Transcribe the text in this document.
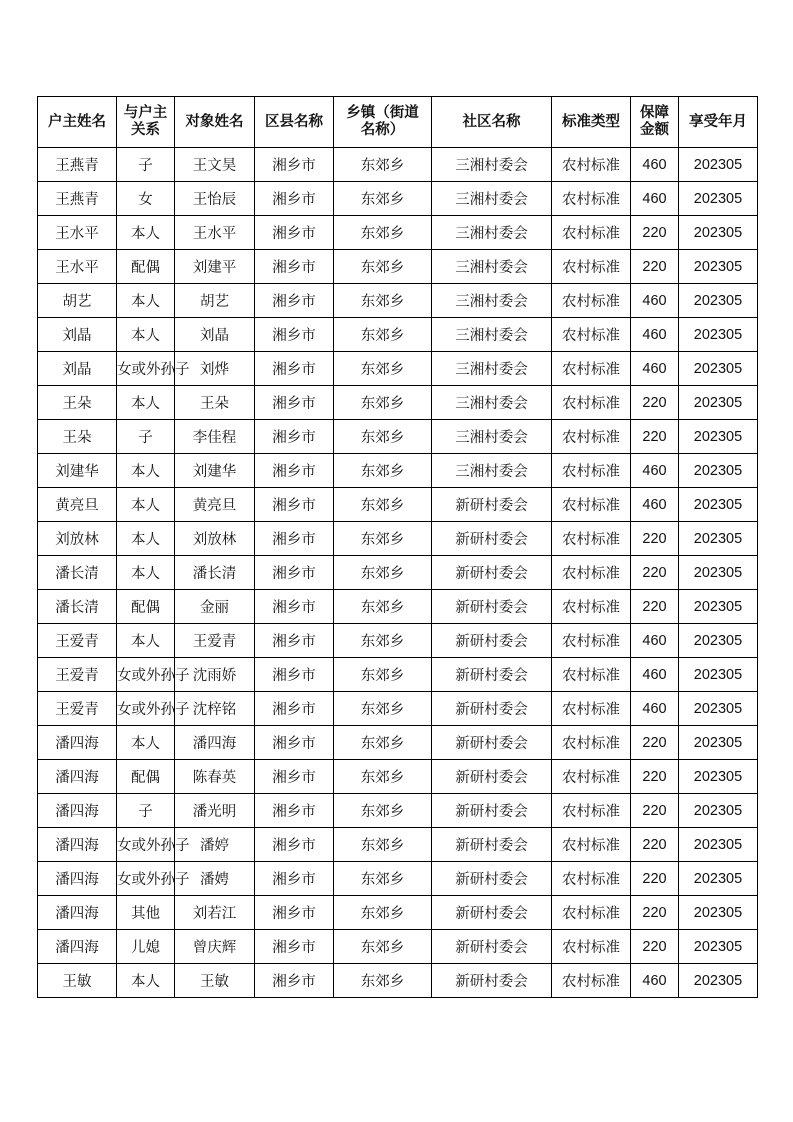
户主姓名	与户主关系	对象姓名	区县名称	乡镇（街道名称）	社区名称	标准类型	保障金额	享受年月

王燕青	子	王文昊	湘乡市	东郊乡	三湘村委会	农村标准	460	202305

王燕青	女	王怡辰	湘乡市	东郊乡	三湘村委会	农村标准	460	202305

王水平	本人	王水平	湘乡市	东郊乡	三湘村委会	农村标准	220	202305

王水平	配偶	刘建平	湘乡市	东郊乡	三湘村委会	农村标准	220	202305

胡艺	本人	胡艺	湘乡市	东郊乡	三湘村委会	农村标准	460	202305

刘晶	本人	刘晶	湘乡市	东郊乡	三湘村委会	农村标准	460	202305

刘晶	女或外孙子	刘烨	湘乡市	东郊乡	三湘村委会	农村标准	460	202305

王朵	本人	王朵	湘乡市	东郊乡	三湘村委会	农村标准	220	202305

王朵	子	李佳程	湘乡市	东郊乡	三湘村委会	农村标准	220	202305

刘建华	本人	刘建华	湘乡市	东郊乡	三湘村委会	农村标准	460	202305

黄亮旦	本人	黄亮旦	湘乡市	东郊乡	新研村委会	农村标准	460	202305

刘放林	本人	刘放林	湘乡市	东郊乡	新研村委会	农村标准	220	202305

潘长清	本人	潘长清	湘乡市	东郊乡	新研村委会	农村标准	220	202305

潘长清	配偶	金丽	湘乡市	东郊乡	新研村委会	农村标准	220	202305

王爱青	本人	王爱青	湘乡市	东郊乡	新研村委会	农村标准	460	202305

王爱青	女或外孙子	沈雨娇	湘乡市	东郊乡	新研村委会	农村标准	460	202305

王爱青	女或外孙子	沈梓铭	湘乡市	东郊乡	新研村委会	农村标准	460	202305

潘四海	本人	潘四海	湘乡市	东郊乡	新研村委会	农村标准	220	202305

潘四海	配偶	陈春英	湘乡市	东郊乡	新研村委会	农村标准	220	202305

潘四海	子	潘光明	湘乡市	东郊乡	新研村委会	农村标准	220	202305

潘四海	女或外孙子	潘婷	湘乡市	东郊乡	新研村委会	农村标准	220	202305

潘四海	女或外孙子	潘娉	湘乡市	东郊乡	新研村委会	农村标准	220	202305

潘四海	其他	刘若江	湘乡市	东郊乡	新研村委会	农村标准	220	202305

潘四海	儿媳	曾庆辉	湘乡市	东郊乡	新研村委会	农村标准	220	202305

王敏	本人	王敏	湘乡市	东郊乡	新研村委会	农村标准	460	202305
